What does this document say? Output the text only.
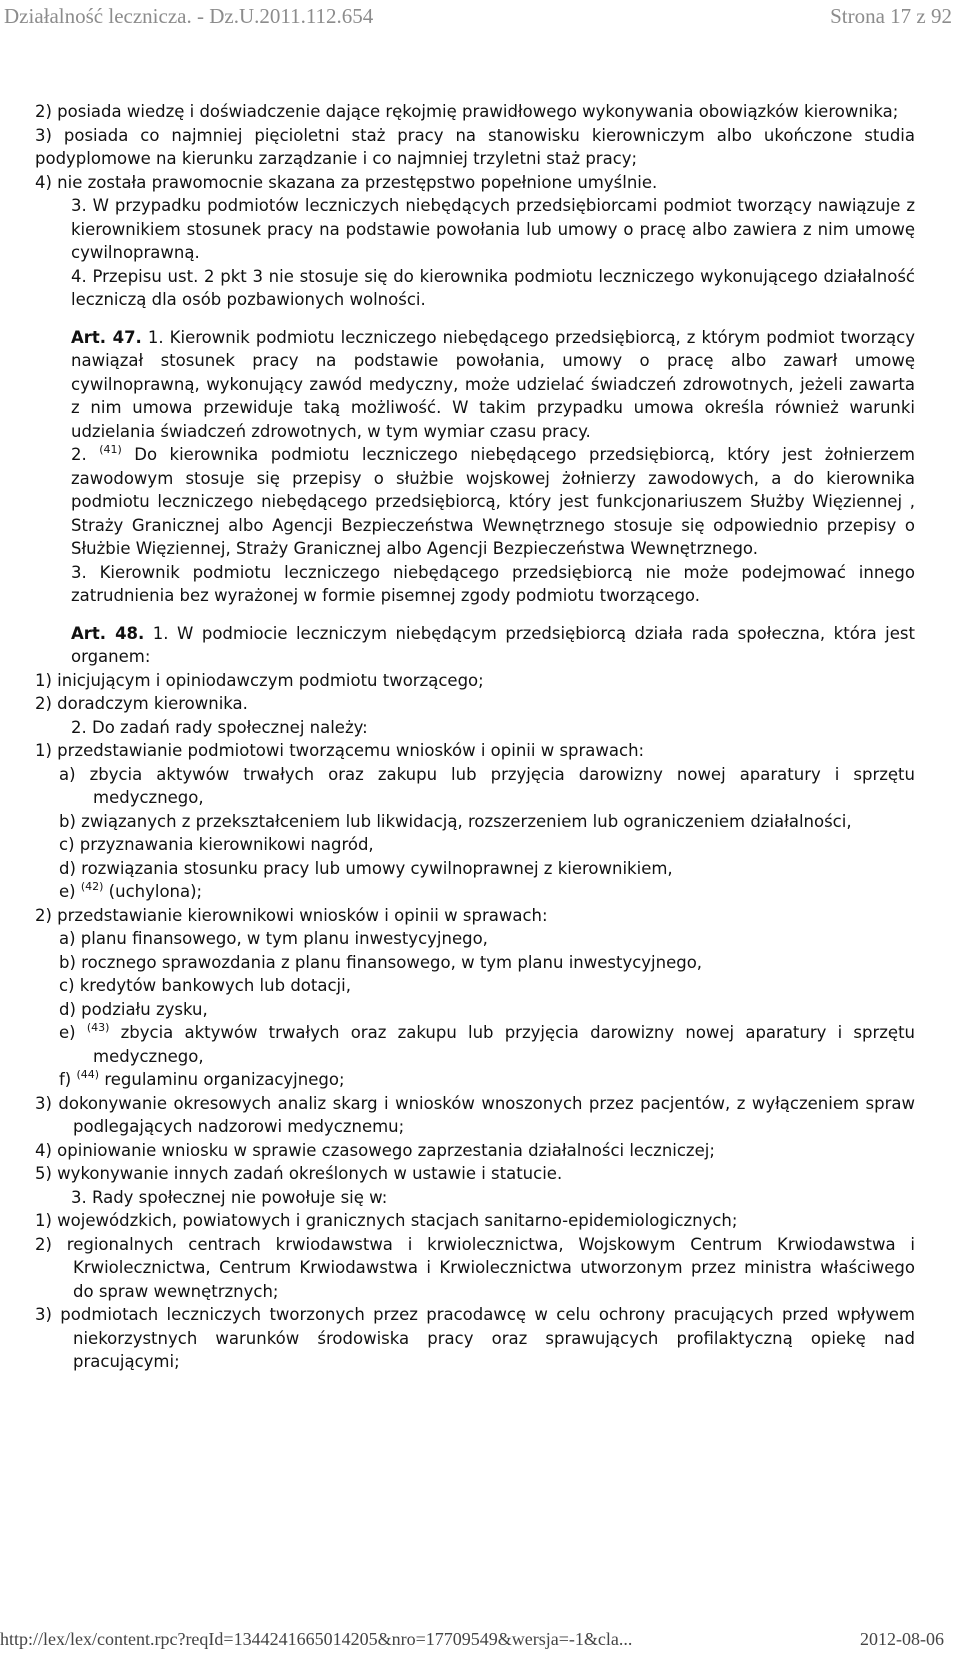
Działalność lecznicza. - Dz.U.2011.112.654	Strona 17 z 92

2) posiada wiedzę i doświadczenie dające rękojmię prawidłowego wykonywania obowiązków kierownika;

3) posiada co najmniej pięcioletni staż pracy na stanowisku kierowniczym albo ukończone studia podyplomowe na kierunku zarządzanie i co najmniej trzyletni staż pracy;

4) nie została prawomocnie skazana za przestępstwo popełnione umyślnie.

3. W przypadku podmiotów leczniczych niebędących przedsiębiorcami podmiot tworzący nawiązuje z kierownikiem stosunek pracy na podstawie powołania lub umowy o pracę albo zawiera z nim umowę cywilnoprawną.

4. Przepisu ust. 2 pkt 3 nie stosuje się do kierownika podmiotu leczniczego wykonującego działalność leczniczą dla osób pozbawionych wolności.

Art. 47. 1. Kierownik podmiotu leczniczego niebędącego przedsiębiorcą, z którym podmiot tworzący nawiązał stosunek pracy na podstawie powołania, umowy o pracę albo zawarł umowę cywilnoprawną, wykonujący zawód medyczny, może udzielać świadczeń zdrowotnych, jeżeli zawarta z nim umowa przewiduje taką możliwość. W takim przypadku umowa określa również warunki udzielania świadczeń zdrowotnych, w tym wymiar czasu pracy.

2. $^{(41)}$ Do kierownika podmiotu leczniczego niebędącego przedsiębiorcą, który jest żołnierzem zawodowym stosuje się przepisy o służbie wojskowej żołnierzy zawodowych, a do kierownika podmiotu leczniczego niebędącego przedsiębiorcą, który jest funkcjonariuszem Służby Więziennej , Straży Granicznej albo Agencji Bezpieczeństwa Wewnętrznego stosuje się odpowiednio przepisy o Służbie Więziennej, Straży Granicznej albo Agencji Bezpieczeństwa Wewnętrznego.

3. Kierownik podmiotu leczniczego niebędącego przedsiębiorcą nie może podejmować innego zatrudnienia bez wyrażonej w formie pisemnej zgody podmiotu tworzącego.

Art. 48. 1. W podmiocie leczniczym niebędącym przedsiębiorcą działa rada społeczna, która jest organem:

1) inicjującym i opiniodawczym podmiotu tworzącego;

2) doradczym kierownika.

2. Do zadań rady społecznej należy:

1) przedstawianie podmiotowi tworzącemu wniosków i opinii w sprawach:

a) zbycia aktywów trwałych oraz zakupu lub przyjęcia darowizny nowej aparatury i sprzętu medycznego,

b) związanych z przekształceniem lub likwidacją, rozszerzeniem lub ograniczeniem działalności,

c) przyznawania kierownikowi nagród,

d) rozwiązania stosunku pracy lub umowy cywilnoprawnej z kierownikiem,

e) $^{(42)}$ (uchylona);

2) przedstawianie kierownikowi wniosków i opinii w sprawach:

a) planu finansowego, w tym planu inwestycyjnego,

b) rocznego sprawozdania z planu finansowego, w tym planu inwestycyjnego,

c) kredytów bankowych lub dotacji,

d) podziału zysku,

e) $^{(43)}$ zbycia aktywów trwałych oraz zakupu lub przyjęcia darowizny nowej aparatury i sprzętu medycznego,

f) $^{(44)}$ regulaminu organizacyjnego;

3) dokonywanie okresowych analiz skarg i wniosków wnoszonych przez pacjentów, z wyłączeniem spraw podlegających nadzorowi medycznemu;

4) opiniowanie wniosku w sprawie czasowego zaprzestania działalności leczniczej;

5) wykonywanie innych zadań określonych w ustawie i statucie.

3. Rady społecznej nie powołuje się w:

1) wojewódzkich, powiatowych i granicznych stacjach sanitarno-epidemiologicznych;

2) regionalnych centrach krwiodawstwa i krwiolecznictwa, Wojskowym Centrum Krwiodawstwa i Krwiolecznictwa, Centrum Krwiodawstwa i Krwiolecznictwa utworzonym przez ministra właściwego do spraw wewnętrznych;

3) podmiotach leczniczych tworzonych przez pracodawcę w celu ochrony pracujących przed wpływem niekorzystnych warunków środowiska pracy oraz sprawujących profilaktyczną opiekę nad pracującymi;

http://lex/lex/content.rpc?reqId=1344241665014205&nro=17709549&wersja=-1&cla...	2012-08-06
